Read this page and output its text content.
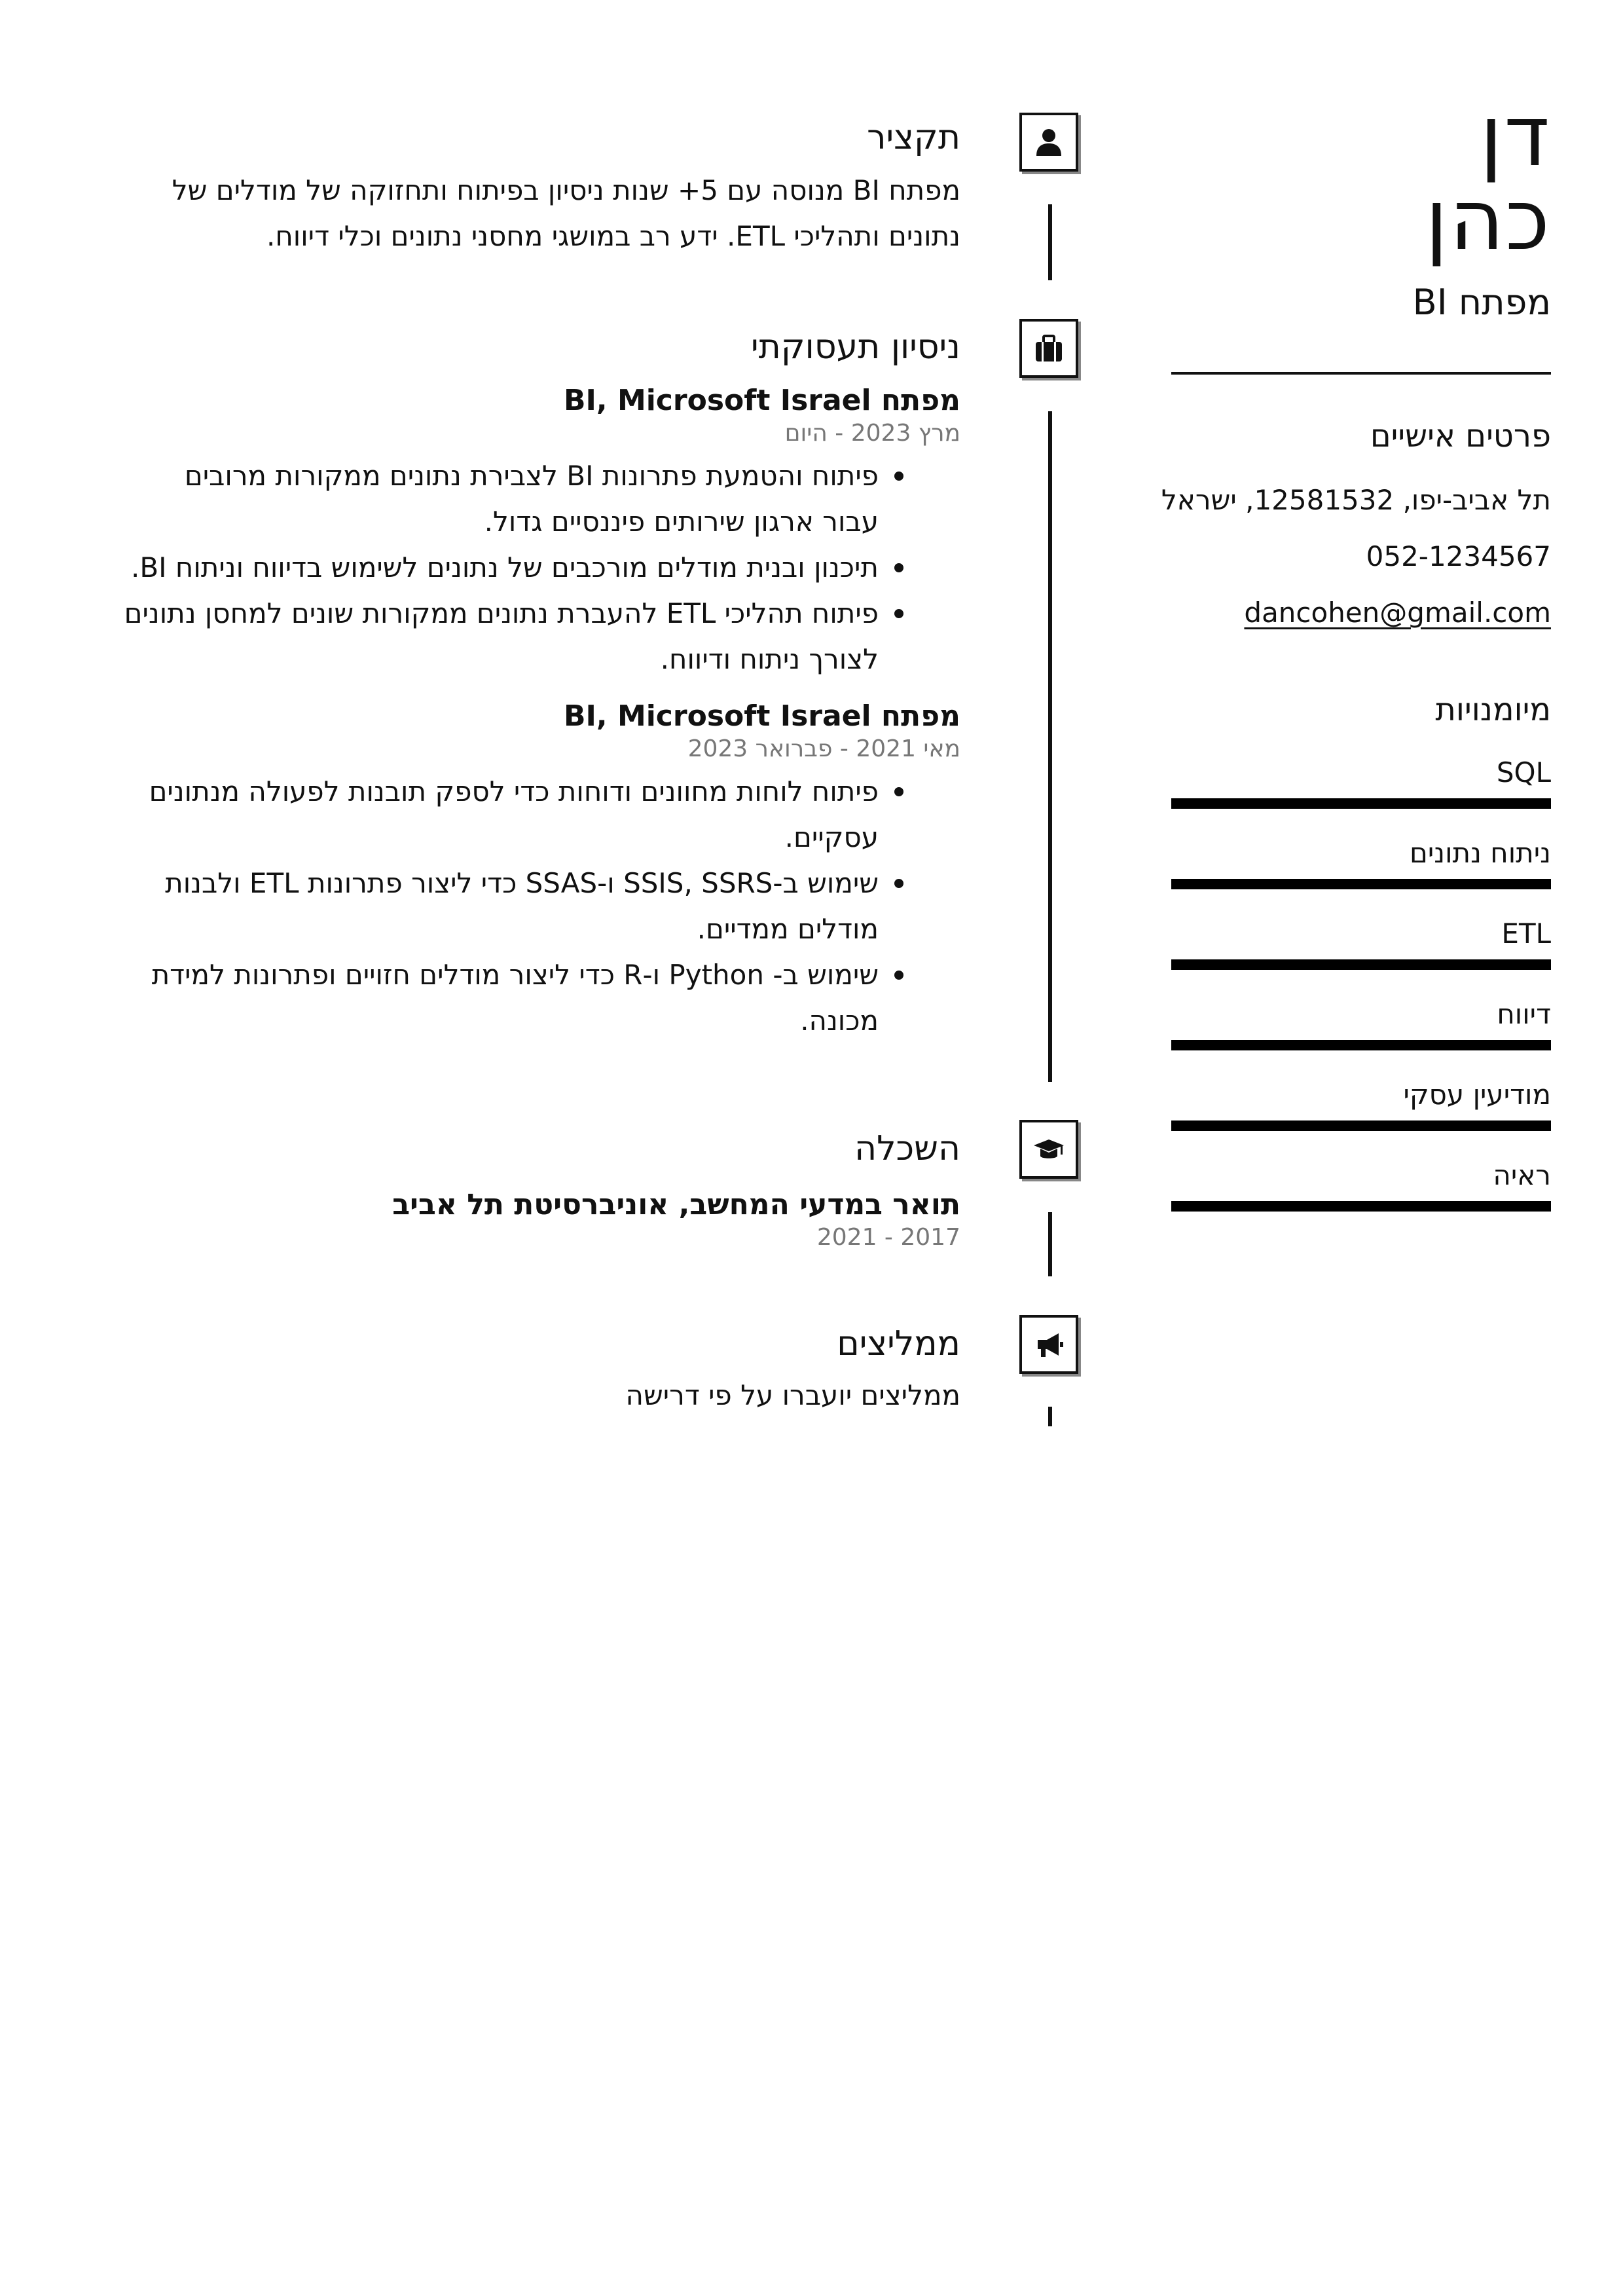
דן
כהן
מפתח BI
פרטים אישיים
תל אביב-יפו, 12581532, ישראל
052-1234567
dancohen@gmail.com
מיומנויות
SQL
ניתוח נתונים
ETL
דיווח
מודיעין עסקי
ראיה
תקציר

מפתח BI מנוסה עם 5+ שנות ניסיון בפיתוח ותחזוקה של מודלים של נתונים ותהליכי ETL. ידע רב במושגי מחסני נתונים וכלי דיווח.

ניסיון תעסוקתי

מפתח BI, Microsoft Israel

מרץ 2023 - היום

פיתוח והטמעת פתרונות BI לצבירת נתונים ממקורות מרובים עבור ארגון שירותים פיננסיים גדול.
תיכנון ובנית מודלים מורכבים של נתונים לשימוש בדיווח וניתוח BI.
פיתוח תהליכי ETL להעברת נתונים ממקורות שונים למחסן נתונים לצורך ניתוח ודיווח.

מפתח BI, Microsoft Israel

מאי 2021 - פברואר 2023

פיתוח לוחות מחוונים ודוחות כדי לספק תובנות לפעולה מנתונים עסקיים.
שימוש ב-SSIS, SSRS ו-SSAS כדי ליצור פתרונות ETL ולבנות מודלים ממדיים.
שימוש ב- Python ו-R כדי ליצור מודלים חזויים ופתרונות למידת מכונה.
השכלה

תואר במדעי המחשב, אוניברסיטת תל אביב

2017 - 2021

ממליצים

ממליצים יועברו על פי דרישה
